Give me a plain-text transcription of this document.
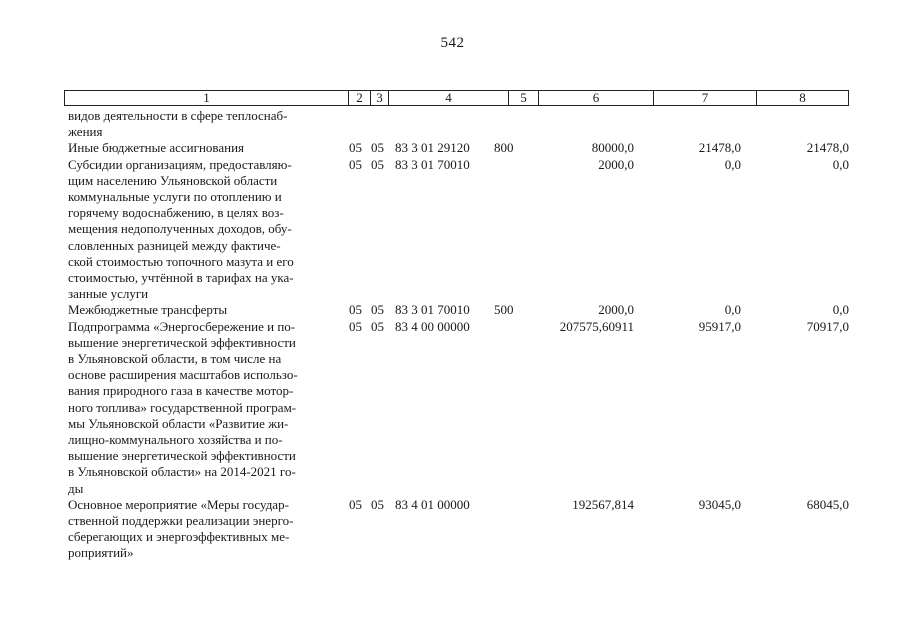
542
1	2	3	4	5	6	7	8
видов деятельности в сфере теплоснаб-
жения
Иные бюджетные ассигнования	05 05 83 3 01 29120 800	80000,0	21478,0	21478,0
Субсидии организациям, предоставляю-
щим населению Ульяновской области
коммунальные услуги по отоплению и
горячему водоснабжению, в целях воз-
мещения недополученных доходов, обу-
словленных разницей между фактиче-
ской стоимостью топочного мазута и его
стоимостью, учтённой в тарифах на ука-
занные услуги
05 05 83 3 01 70010	2000,0	0,0	0,0
Межбюджетные трансферты	05 05 83 3 01 70010 500	2000,0	0,0	0,0
Подпрограмма «Энергосбережение и по-
вышение энергетической эффективности
в Ульяновской области, в том числе на
основе расширения масштабов использо-
вания природного газа в качестве мотор-
ного топлива» государственной програм-
мы Ульяновской области «Развитие жи-
лищно-коммунального хозяйства и по-
вышение энергетической эффективности
в Ульяновской области» на 2014-2021 го-
ды
05 05 83 4 00 00000	207575,60911	95917,0	70917,0
Основное мероприятие «Меры государ-
ственной поддержки реализации энерго-
сберегающих и энергоэффективных ме-
роприятий»
05 05 83 4 01 00000	192567,814	93045,0	68045,0
